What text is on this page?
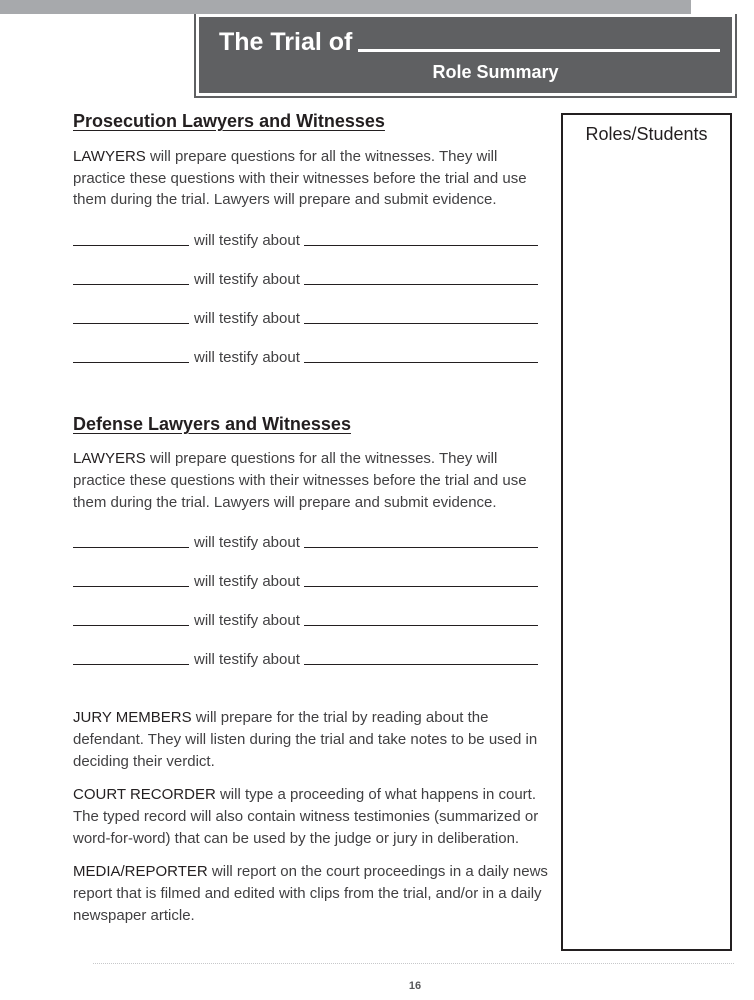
The Trial of
Role Summary
Roles/Students
Prosecution Lawyers and Witnesses

LAWYERS will prepare questions for all the witnesses. They will practice these questions with their witnesses before the trial and use them during the trial. Lawyers will prepare and submit evidence.

will testify about
will testify about
will testify about
will testify about
Defense Lawyers and Witnesses

LAWYERS will prepare questions for all the witnesses. They will practice these questions with their witnesses before the trial and use them during the trial. Lawyers will prepare and submit evidence.

will testify about
will testify about
will testify about
will testify about

JURY MEMBERS will prepare for the trial by reading about the defendant. They will listen during the trial and take notes to be used in deciding their verdict.

COURT RECORDER will type a proceeding of what happens in court. The typed record will also contain witness testimonies (summarized or word-for-word) that can be used by the judge or jury in deliberation.

MEDIA/REPORTER will report on the court proceedings in a daily news report that is filmed and edited with clips from the trial, and/or in a daily newspaper article.

16
